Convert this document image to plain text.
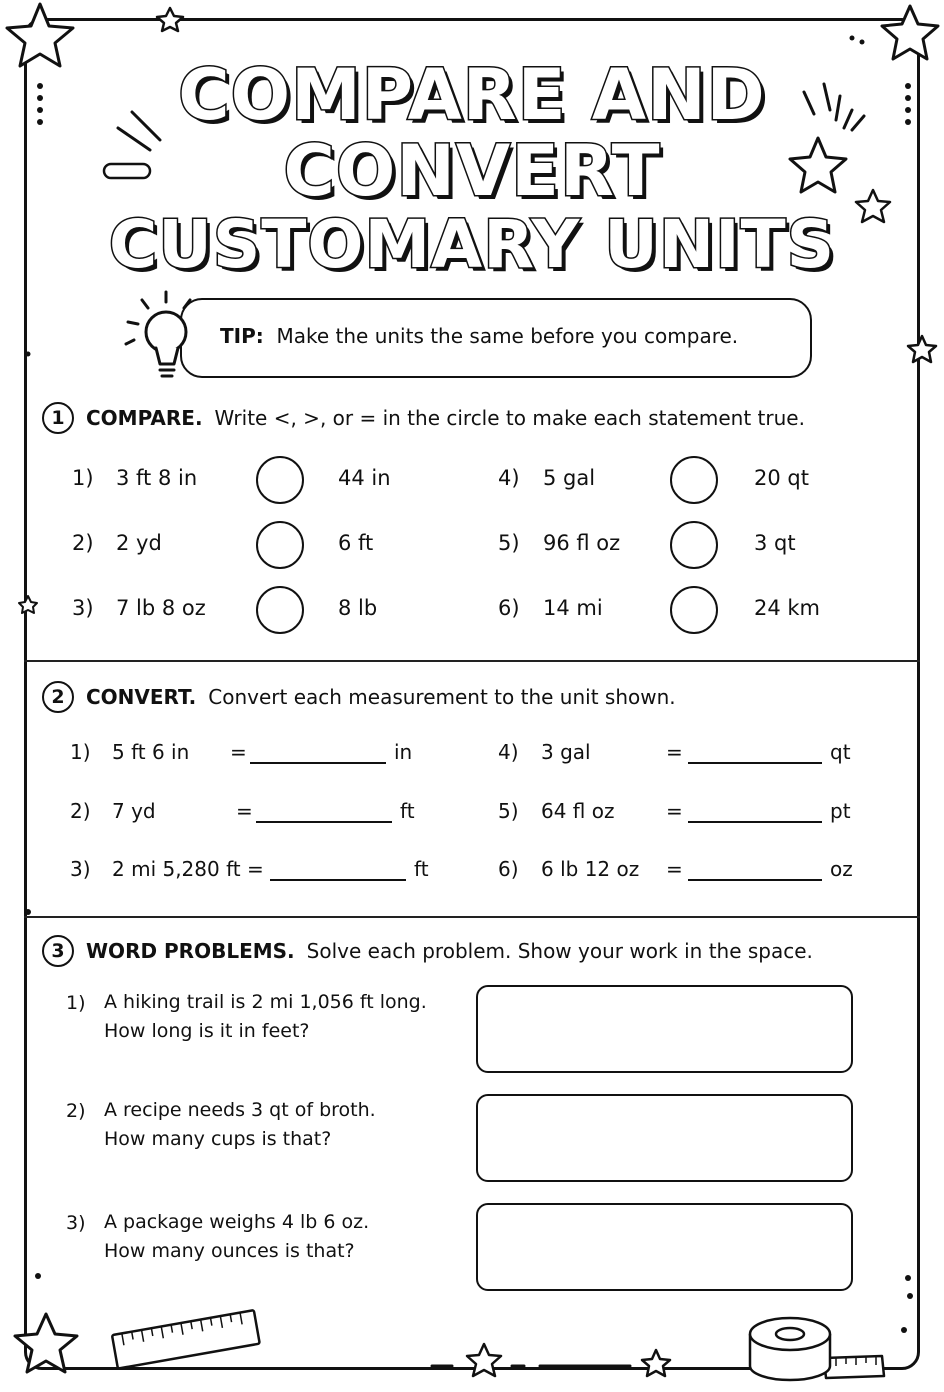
COMPARE AND
CONVERT
CUSTOMARY UNITS
TIP: Make the units the same before you compare.
1	COMPARE. Write <, >, or = in the circle to make each statement true.
1) 3 ft 8 in	44 in
2) 2 yd	6 ft
3) 7 lb 8 oz	8 lb
4) 5 gal	20 qt
5) 96 fl oz	3 qt
6) 14 mi	24 km
2	CONVERT. Convert each measurement to the unit shown.
1) 5 ft 6 in =	in
2) 7 yd	=	ft
3) 2 mi 5,280 ft =	ft
4) 3 gal	=	qt
5) 64 fl oz	=	pt
6) 6 lb 12 oz =	oz
3	WORD PROBLEMS. Solve each problem. Show your work in the space.
1) A hiking trail is 2 mi 1,056 ft long.
How long is it in feet?
2) A recipe needs 3 qt of broth.
How many cups is that?
3) A package weighs 4 lb 6 oz.
How many ounces is that?
